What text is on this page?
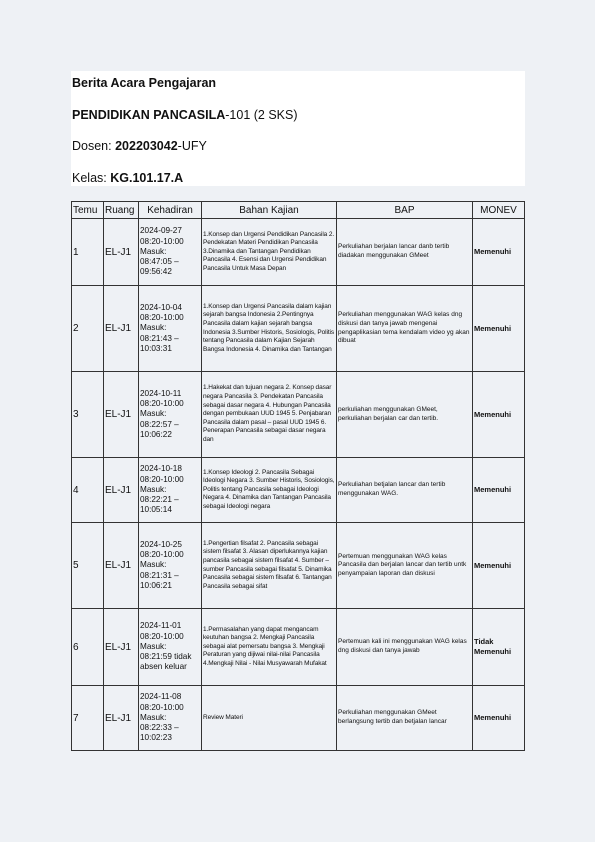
Berita Acara Pengajaran
PENDIDIKAN PANCASILA-101 (2 SKS)
Dosen: 202203042-UFY
Kelas: KG.101.17.A
Temu	Ruang	Kehadiran	Bahan Kajian	BAP	MONEV
1	EL-J1	2024-09-27 08:20-10:00 Masuk: 08:47:05 – 09:56:42	1.Konsep dan Urgensi Pendidikan Pancasila 2. Pendekatan Materi Pendidikan Pancasila 3.Dinamika dan Tantangan Pendidikan Pancasila 4. Esensi dan Urgensi Pendidikan Pancasila Untuk Masa Depan	Perkuliahan berjalan lancar danb tertib diadakan menggunakan GMeet	Memenuhi
2	EL-J1	2024-10-04 08:20-10:00 Masuk: 08:21:43 –10:03:31	1.Konsep dan Urgensi Pancasila dalam kajian sejarah bangsa Indonesia 2.Pentingnya Pancasila dalam kajian sejarah bangsa Indonesia 3.Sumber Historis, Sosiologis, Politis tentang Pancasila dalam Kajian Sejarah Bangsa Indonesia 4. Dinamika dan Tantangan	Perkuliahan menggunakan WAG kelas dng diskusi dan tanya jawab mengenai pengaplikasian tema kendalam video yg akan dibuat	Memenuhi
3	EL-J1	2024-10-11 08:20-10:00 Masuk: 08:22:57 – 10:06:22	1.Hakekat dan tujuan negara 2. Konsep dasar negara Pancasila 3. Pendekatan Pancasila sebagai dasar negara 4. Hubungan Pancasila dengan pembukaan UUD 1945 5. Penjabaran Pancasila dalam pasal – pasal UUD 1945 6. Penerapan Pancasila sebagai dasar negara dan	perkuliahan menggunakan GMeet, perkuliahan berjalan car dan tertib.	Memenuhi
4	EL-J1	2024-10-18 08:20-10:00 Masuk: 08:22:21 –10:05:14	1.Konsep Ideologi 2. Pancasila Sebagai Ideologi Negara 3. Sumber Historis, Sosiologis, Politis tentang Pancasila sebagai Ideologi Negara 4. Dinamika dan Tantangan Pancasila sebagai Ideologi negara	Perkuliahan betjalan lancar dan tertib menggunakan WAG.	Memenuhi
5	EL-J1	2024-10-25 08:20-10:00 Masuk: 08:21:31 –10:06:21	1.Pengertian filsafat 2. Pancasila sebagai sistem filsafat 3. Alasan diperlukannya kajian pancasila sebagai sistem filsafat 4. Sumber – sumber Pancasila sebagai filsafat 5. Dinamika Pancasila sebagai sistem filsafat 6. Tantangan Pancasila sebagai sifat	Pertemuan menggunakan WAG kelas Pancasila dan berjalan lancar dan tertib untk penyampaian laporan dan diskusi	Memenuhi
6	EL-J1	2024-11-01 08:20-10:00 Masuk: 08:21:59 tidak absen keluar	1.Permasalahan yang dapat mengancam keutuhan bangsa 2. Mengkaji Pancasila sebagai alat pemersatu bangsa 3. Mengkaji Peraturan yang dijiwai nilai-nilai Pancasila 4.Mengkaji Nilai - Nilai Musyawarah Mufakat	Pertemuan kali ini menggunakan WAG kelas dng diskusi dan tanya jawab	Tidak Memenuhi
7	EL-J1	2024-11-08 08:20-10:00 Masuk: 08:22:33 – 10:02:23	Review Materi	Perkuliahan menggunakan GMeet berlangsung tertib dan betjalan lancar	Memenuhi
